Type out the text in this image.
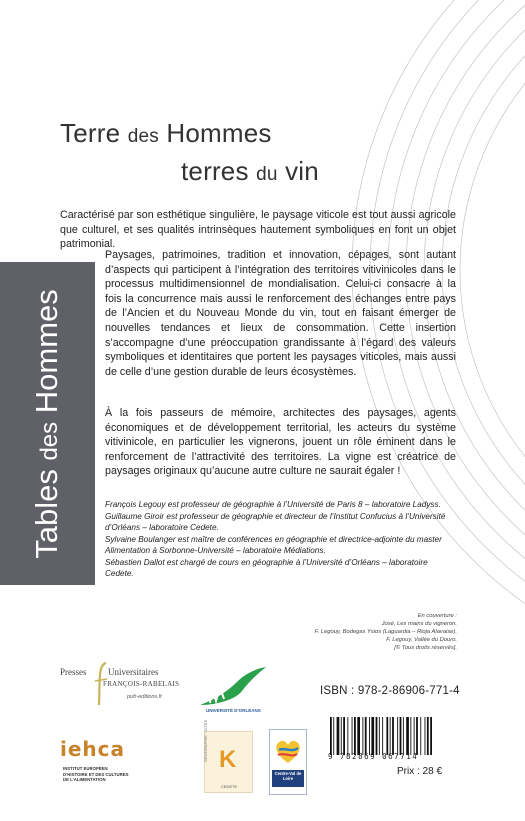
Terre des Hommes
terres du vin
Tables des Hommes
Caractérisé par son esthétique singulière, le paysage viticole est tout aussi agricole que culturel, et ses qualités intrinsèques hautement symboliques en font un objet patrimonial.
Paysages, patrimoines, tradition et innovation, cépages, sont autant d’aspects qui participent à l’intégration des territoires vitivinicoles dans le processus multidimensionnel de mondialisation. Celui-ci consacre à la fois la concurrence mais aussi le renforcement des échanges entre pays de l’Ancien et du Nouveau Monde du vin, tout en faisant émerger de nouvelles tendances et lieux de consommation. Cette insertion s’accompagne d’une préoccupation grandissante à l’égard des valeurs symboliques et identitaires que portent les paysages viticoles, mais aussi de celle d’une gestion durable de leurs écosystèmes.
À la fois passeurs de mémoire, architectes des paysages, agents économiques et de développement territorial, les acteurs du système vitivinicole, en particulier les vignerons, jouent un rôle éminent dans le renforcement de l’attractivité des territoires. La vigne est créatrice de paysages originaux qu’aucune autre culture ne saurait égaler !
François Legouy est professeur de géographie à l’Université de Paris 8 – laboratoire Ladyss.
Guillaume Giroir est professeur de géographie et directeur de l’Institut Confucius à l’Université d’Orléans – laboratoire Cedete.
Sylvaine Boulanger est maître de conférences en géographie et directrice-adjointe du master Alimentation à Sorbonne-Université – laboratoire Médiations.
Sébastien Dallot est chargé de cours en géographie à l’Université d’Orléans – laboratoire Cedete.
En couverture :
José, Les mains du vigneron.
F. Legouy, Bodegas Ysios (Laguardia – Rioja Alavaise).
F. Legouy, Vallée du Douro.
[© Tous droits réservés].
Presses Universitaires
FRANÇOIS-RABELAIS
pufr-editions.fr
UNIVERSITÉ D’ORLÉANS
iehca
INSTITUT EUROPÉEN
D’HISTOIRE ET DES CULTURES
DE L’ALIMENTATION
GÉOGRAPHIE · CITÉS K
CEDETE
Centre-Val de Loire
ISBN : 978-2-86906-771-4
9 782869 067714
Prix : 28 €
